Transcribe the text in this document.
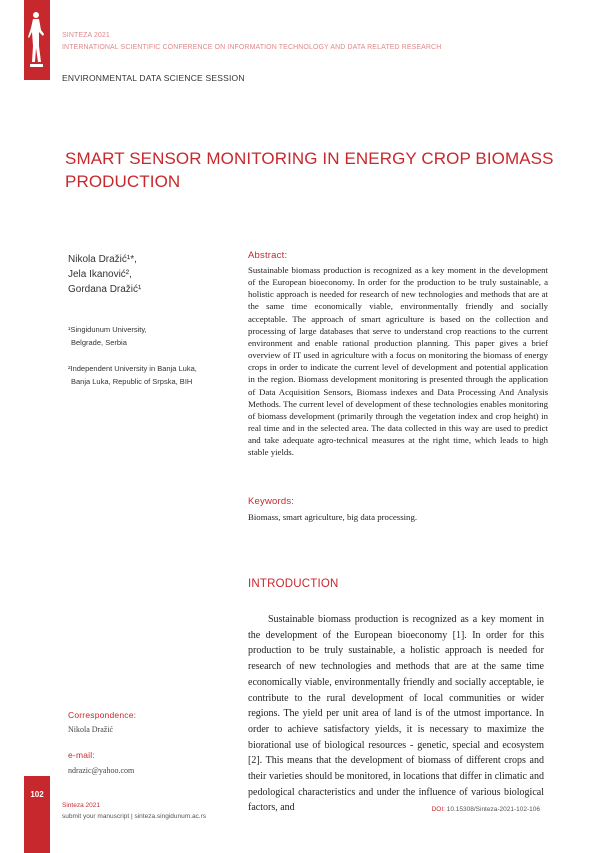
SINTEZA 2021
INTERNATIONAL SCIENTIFIC CONFERENCE ON INFORMATION TECHNOLOGY AND DATA RELATED RESEARCH
ENVIRONMENTAL DATA SCIENCE SESSION
SMART SENSOR MONITORING IN ENERGY CROP BIOMASS
PRODUCTION
Nikola Dražić¹*,
Jela Ikanović²,
Gordana Dražić¹
¹Singidunum University,
Belgrade, Serbia
²Independent University in Banja Luka,
Banja Luka, Republic of Srpska, BIH
Abstract:
Sustainable biomass production is recognized as a key moment in the development of the European bioeconomy. In order for the production to be truly sustainable, a holistic approach is needed for research of new technologies and methods that are at the same time economically viable, environmentally friendly and socially acceptable. The approach of smart agriculture is based on the collection and processing of large databases that serve to understand crop reactions to the current environment and enable rational production planning. This paper gives a brief overview of IT used in agriculture with a focus on monitoring the biomass of energy crops in order to indicate the current level of development and potential application in the region. Biomass development monitoring is presented through the application of Data Acquisition Sensors, Biomass indexes and Data Processing And Analysis Methods. The current level of development of these technologies enables monitoring of biomass development (primarily through the vegetation index and crop height) in real time and in the selected area. The data collected in this way are used to predict and take adequate agro-technical measures at the right time, which leads to high stable yields.
Keywords:
Biomass, smart agriculture, big data processing.
INTRODUCTION
Sustainable biomass production is recognized as a key moment in the development of the European bioeconomy [1]. In order for this production to be truly sustainable, a holistic approach is needed for research of new technologies and methods that are at the same time economically viable, environmentally friendly and socially acceptable, ie contribute to the rural development of local communities or wider regions. The yield per unit area of land is of the utmost importance. In order to achieve satisfactory yields, it is necessary to maximize the biorational use of biological resources - genetic, special and ecosystem [2]. This means that the development of biomass of different crops and their varieties should be monitored, in locations that differ in climatic and pedological characteristics and under the influence of various biological factors, and
Correspondence:
Nikola Dražić
e-mail:
ndrazic@yahoo.com
102
Sinteza 2021
submit your manuscript | sinteza.singidunum.ac.rs
DOI: 10.15308/Sinteza-2021-102-106
